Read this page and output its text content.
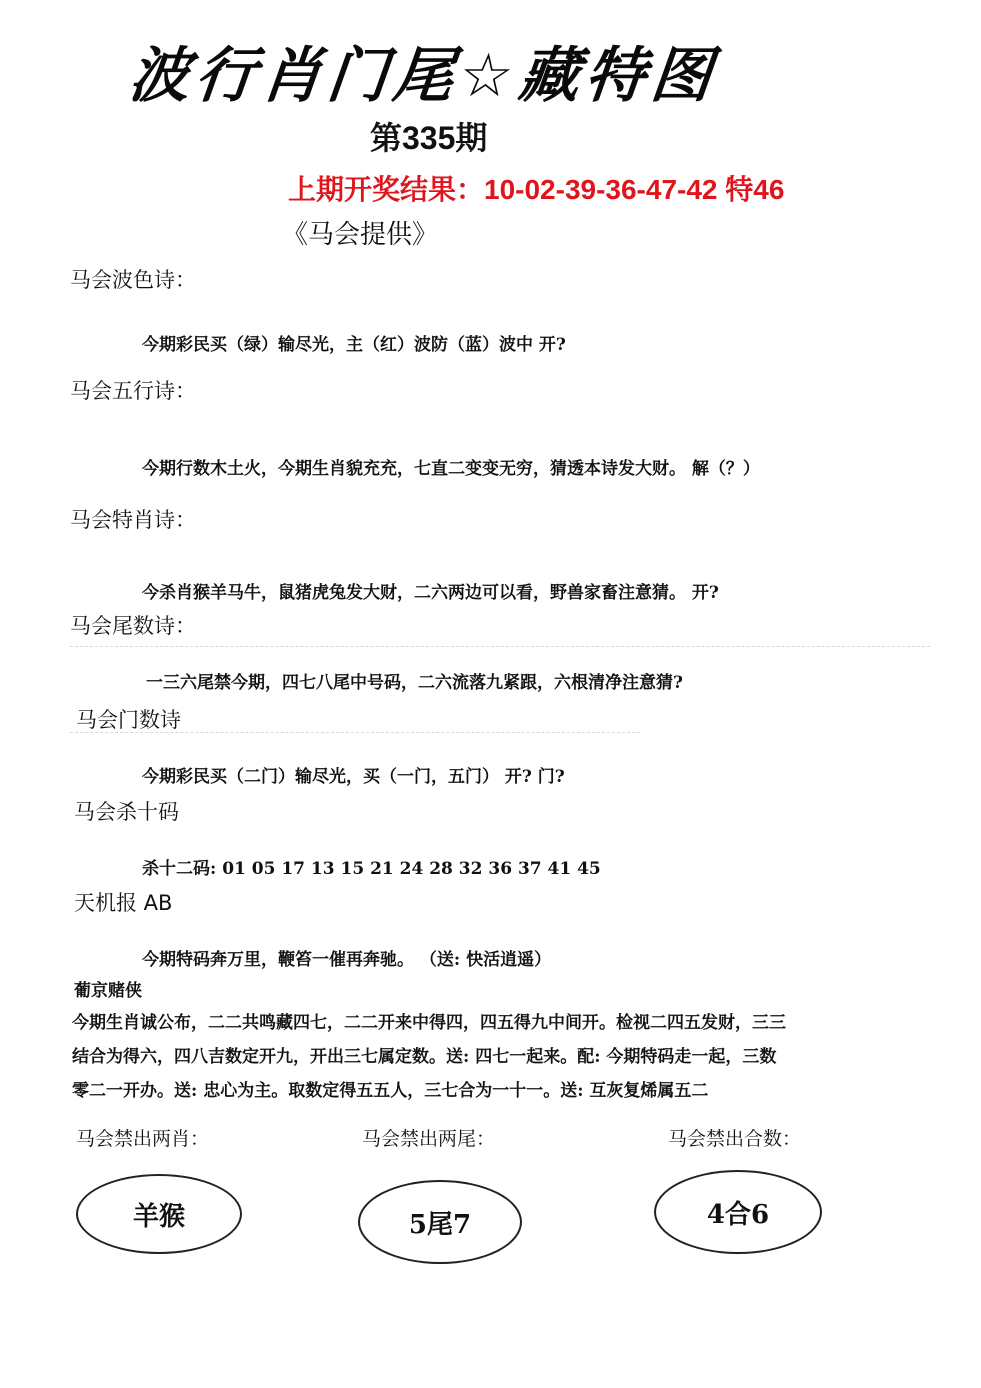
波行肖门尾☆藏特图
第335期
上期开奖结果：10-02-39-36-47-42 特46
《马会提供》
马会波色诗：
今期彩民买（绿）输尽光，主（红）波防（蓝）波中 开?
马会五行诗：
今期行数木土火，今期生肖貌充充，七直二变变无穷，猜透本诗发大财。 解（？）
马会特肖诗：
今杀肖猴羊马牛，鼠猪虎兔发大财，二六两边可以看，野兽家畜注意猜。 开?
马会尾数诗：
一三六尾禁今期，四七八尾中号码，二六流落九紧跟，六根清净注意猜?
马会门数诗
今期彩民买（二门）输尽光，买（一门，五门） 开? 门?
马会杀十码
杀十二码: 01 05 17 13 15 21 24 28 32 36 37 41 45
天机报 AB
今期特码奔万里，鞭笞一催再奔驰。 （送: 快活逍遥）
葡京赌侠
今期生肖诚公布，二二共鸣藏四七，二二开来中得四，四五得九中间开。检视二四五发财，三三
结合为得六，四八吉数定开九，开出三七属定数。送: 四七一起来。配: 今期特码走一起，三数
零二一开办。送: 忠心为主。取数定得五五人，三七合为一十一。送: 互灰复烯属五二
马会禁出两肖：	马会禁出两尾：	马会禁出合数：
羊猴	5尾7	4合6
